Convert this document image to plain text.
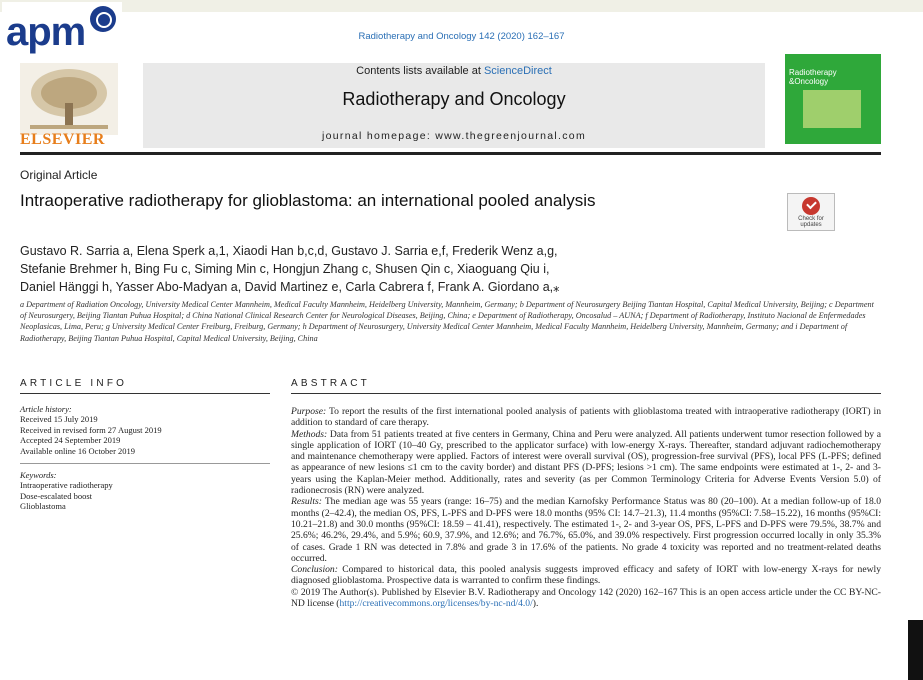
apm	Radiotherapy and Oncology 142 (2020) 162–167
ELSEVIER
Contents lists available at ScienceDirect
Radiotherapy and Oncology
journal homepage: www.thegreenjournal.com
Radiotherapy
&Oncology
Original Article
Intraoperative radiotherapy for glioblastoma: an international pooled analysis
Check for updates
Gustavo R. Sarria a, Elena Sperk a,1, Xiaodi Han b,c,d, Gustavo J. Sarria e,f, Frederik Wenz a,g,
Stefanie Brehmer h, Bing Fu c, Siming Min c, Hongjun Zhang c, Shusen Qin c, Xiaoguang Qiu i,
Daniel Hänggi h, Yasser Abo-Madyan a, David Martinez e, Carla Cabrera f, Frank A. Giordano a,⁎
a Department of Radiation Oncology, University Medical Center Mannheim, Medical Faculty Mannheim, Heidelberg University, Mannheim, Germany; b Department of Neurosurgery Beijing Tiantan Hospital, Capital Medical University, Beijing; c Department of Neurosurgery, Beijing Tiantan Puhua Hospital; d China National Clinical Research Center for Neurological Diseases, Beijing, China; e Department of Radiotherapy, Oncosalud – AUNA; f Department of Radiotherapy, Instituto Nacional de Enfermedades Neoplasicas, Lima, Peru; g University Medical Center Freiburg, Freiburg, Germany; h Department of Neurosurgery, University Medical Center Mannheim, Medical Faculty Mannheim, Heidelberg University, Mannheim, Germany; and i Department of Radiotherapy, Beijing Tiantan Puhua Hospital, Capital Medical University, Beijing, China
ARTICLE INFO
Article history:
Received 15 July 2019
Received in revised form 27 August 2019
Accepted 24 September 2019
Available online 16 October 2019
Keywords:
Intraoperative radiotherapy
Dose-escalated boost
Glioblastoma
ABSTRACT
Purpose: To report the results of the first international pooled analysis of patients with glioblastoma treated with intraoperative radiotherapy (IORT) in addition to standard of care therapy.
Methods: Data from 51 patients treated at five centers in Germany, China and Peru were analyzed. All patients underwent tumor resection followed by a single application of IORT (10–40 Gy, prescribed to the applicator surface) with low-energy X-rays. Thereafter, standard adjuvant radiochemotherapy and maintenance chemotherapy were applied. Factors of interest were overall survival (OS), progression-free survival (PFS), local PFS (L-PFS; defined as appearance of new lesions ≤1 cm to the cavity border) and distant PFS (D-PFS; lesions >1 cm). The same endpoints were estimated at 1-, 2- and 3-years using the Kaplan-Meier method. Additionally, rates and severity (as per Common Terminology Criteria for Adverse Events Version 5.0) of radionecrosis (RN) were analyzed.
Results: The median age was 55 years (range: 16–75) and the median Karnofsky Performance Status was 80 (20–100). At a median follow-up of 18.0 months (2–42.4), the median OS, PFS, L-PFS and D-PFS were 18.0 months (95% CI: 14.7–21.3), 11.4 months (95%CI: 7.58–15.22), 16 months (95%CI: 10.21–21.8) and 30.0 months (95%CI: 18.59 – 41.41), respectively. The estimated 1-, 2- and 3-year OS, PFS, L-PFS and D-PFS were 79.5%, 38.7% and 25.6%; 46.2%, 29.4%, and 5.9%; 60.9, 37.9%, and 12.6%; and 76.7%, 65.0%, and 39.0% respectively. First progression occurred locally in only 35.3% of cases. Grade 1 RN was detected in 7.8% and grade 3 in 17.6% of the patients. No grade 4 toxicity was reported and no treatment-related deaths occurred.
Conclusion: Compared to historical data, this pooled analysis suggests improved efficacy and safety of IORT with low-energy X-rays for newly diagnosed glioblastoma. Prospective data is warranted to confirm these findings.
© 2019 The Author(s). Published by Elsevier B.V. Radiotherapy and Oncology 142 (2020) 162–167 This is an open access article under the CC BY-NC-ND license (http://creativecommons.org/licenses/by-nc-nd/4.0/).
